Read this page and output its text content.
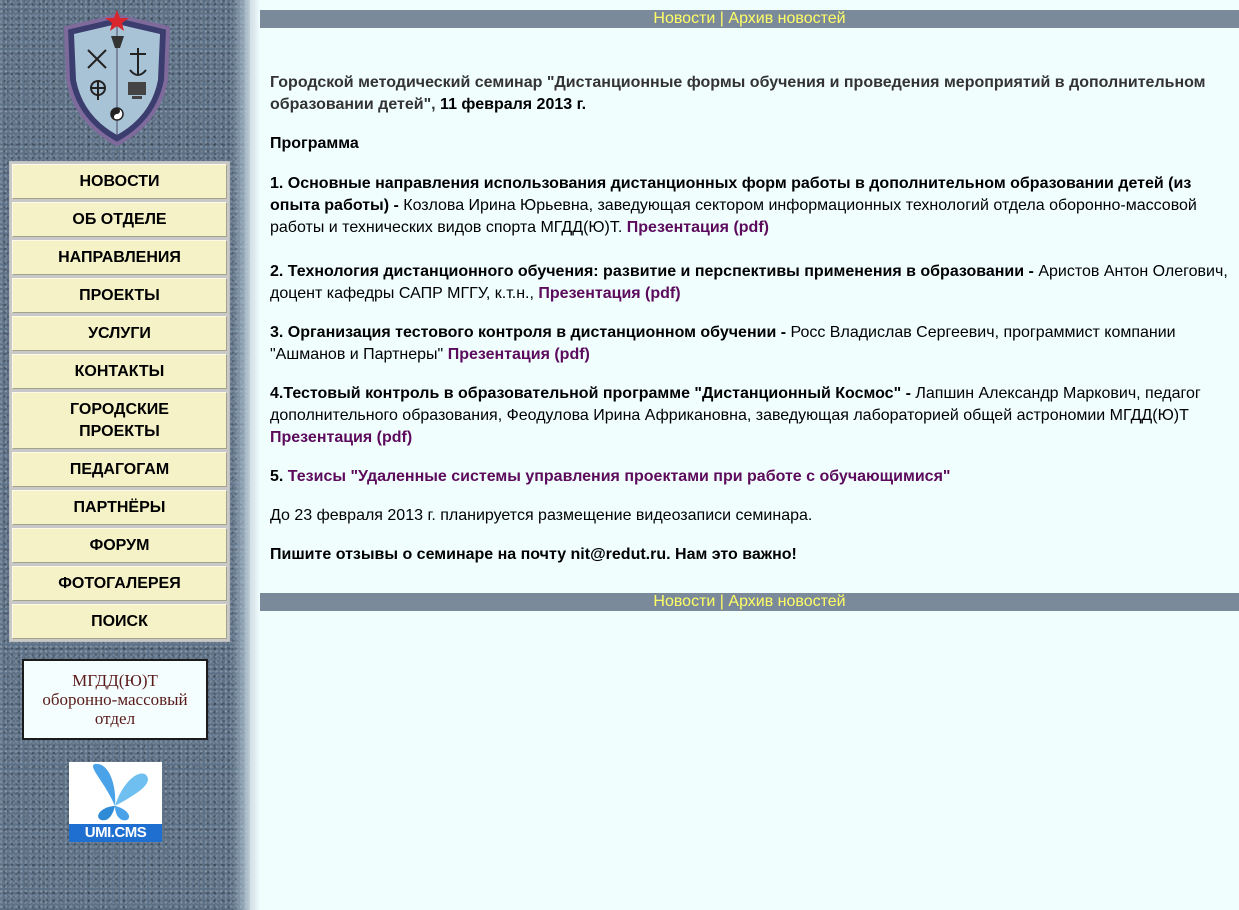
НОВОСТИ
ОБ ОТДЕЛЕ
НАПРАВЛЕНИЯ
ПРОЕКТЫ
УСЛУГИ
КОНТАКТЫ
ГОРОДСКИЕ ПРОЕКТЫ
ПЕДАГОГАМ
ПАРТНЁРЫ
ФОРУМ
ФОТОГАЛЕРЕЯ
ПОИСК
МГДД(Ю)Т
оборонно-массовый
отдел
UMI.CMS
Новости | Архив новостей

Городской методический семинар "Дистанционные формы обучения и проведения мероприятий в дополнительном образовании детей", 11 февраля 2013 г.

Программа

1. Основные направления использования дистанционных форм работы в дополнительном образовании детей (из опыта работы) - Козлова Ирина Юрьевна, заведующая сектором информационных технологий отдела оборонно-массовой работы и технических видов спорта МГДД(Ю)Т. Презентация (pdf)

2. Технология дистанционного обучения: развитие и перспективы применения в образовании - Аристов Антон Олегович, доцент кафедры САПР МГГУ, к.т.н., Презентация (pdf)

3. Организация тестового контроля в дистанционном обучении - Росс Владислав Сергеевич, программист компании "Ашманов и Партнеры" Презентация (pdf)

4.Тестовый контроль в образовательной программе "Дистанционный Космос" - Лапшин Александр Маркович, педагог дополнительного образования, Феодулова Ирина Африкановна, заведующая лабораторией общей астрономии МГДД(Ю)Т Презентация (pdf)

5. Тезисы "Удаленные системы управления проектами при работе с обучающимися"

До 23 февраля 2013 г. планируется размещение видеозаписи семинара.

Пишите отзывы о семинаре на почту nit@redut.ru. Нам это важно!

Новости | Архив новостей
